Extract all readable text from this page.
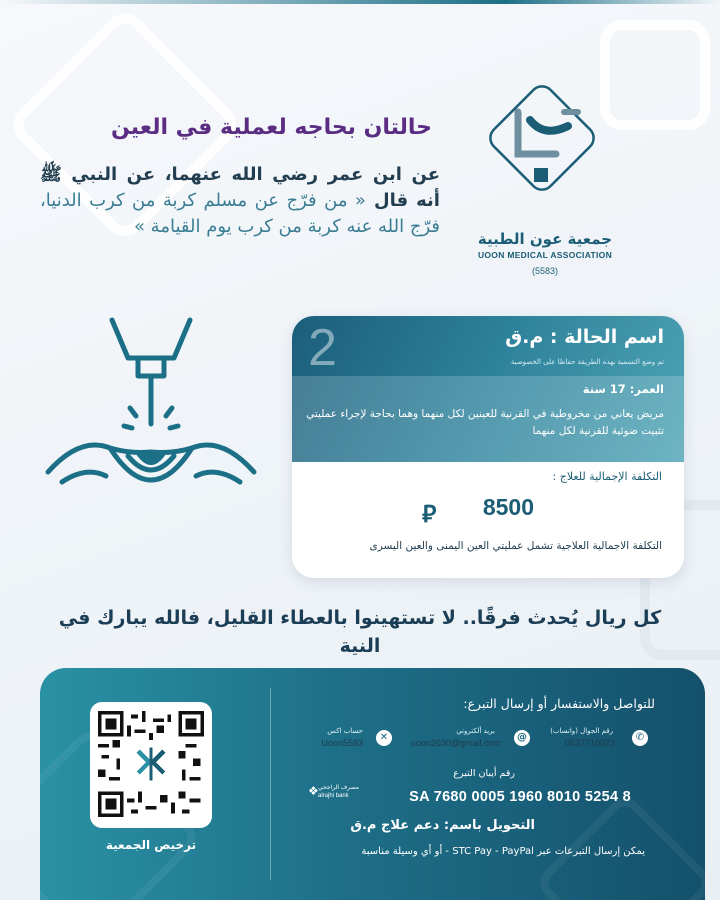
جمعية عون الطبية
UOON MEDICAL ASSOCIATION
(5583)
حالتان بحاجه لعملية في العين
عن ابن عمر رضي الله عنهما، عن النبي ﷺ أنه قال « من فرّج عن مسلم كربة من كرب الدنيا، فرّج الله عنه كربة من كرب يوم القيامة »
2	اسم الحالة : م.ق
تم وضع التسمية بهذه الطريقة حفاظا على الخصوصية
العمر: 17 سنة
مريض يعاني من مخروطية في القرنية للعينين لكل منهما وهما بحاجة لإجراء عمليتي تثبيت ضوئية للقرنية لكل منهما
التكلفة الإجمالية للعلاج :
8500
⃁
التكلفة الاجمالية العلاجية تشمل عمليتي العين اليمنى والعين اليسرى
كل ريال يُحدث فرقًا.. لا تستهينوا بالعطاء القليل، فالله يبارك في النية
ترخيص الجمعية
للتواصل والاستفسار أو إرسال التبرع:
✆
رقم الجوال (واتساب)
0537710023
@
بريد ألكتروني
uoon2030@gmail.com
✕
حساب اكس
Uoon5583
رقم أيبان التبرع
SA 7680 0005 1960 8010 5254 8
❖ مصرف الراجحي
alrajhi bank
التحويل باسم: دعم علاج م.ق
يمكن إرسال التبرعات عبر STC Pay - PayPal - أو أي وسيلة مناسبة
